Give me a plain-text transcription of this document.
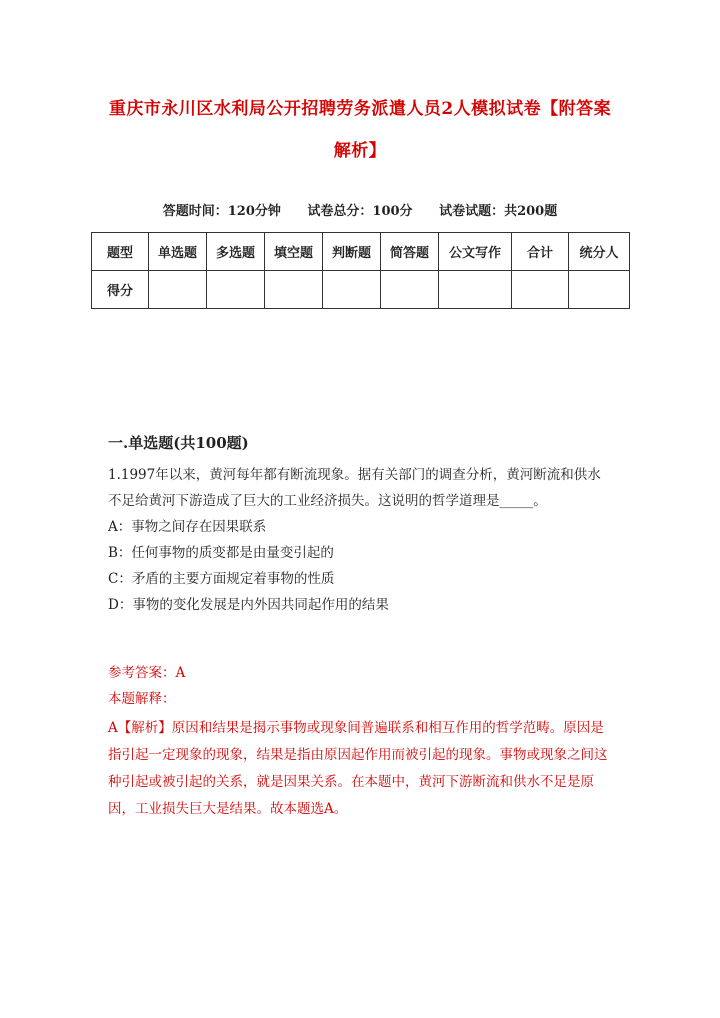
重庆市永川区水利局公开招聘劳务派遣人员2人模拟试卷【附答案
解析】
答题时间：120分钟 试卷总分：100分 试卷试题：共200题
题型	单选题	多选题	填空题	判断题	简答题	公文写作	合计	统分人
得分								
一.单选题(共100题)
1.1997年以来，黄河每年都有断流现象。据有关部门的调查分析，黄河断流和供水不足给黄河下游造成了巨大的工业经济损失。这说明的哲学道理是_____。
A：事物之间存在因果联系
B：任何事物的质变都是由量变引起的
C：矛盾的主要方面规定着事物的性质
D：事物的变化发展是内外因共同起作用的结果
参考答案：A
本题解释：
A【解析】原因和结果是揭示事物或现象间普遍联系和相互作用的哲学范畴。原因是指引起一定现象的现象，结果是指由原因起作用而被引起的现象。事物或现象之间这种引起或被引起的关系，就是因果关系。在本题中，黄河下游断流和供水不足是原因，工业损失巨大是结果。故本题选A。
